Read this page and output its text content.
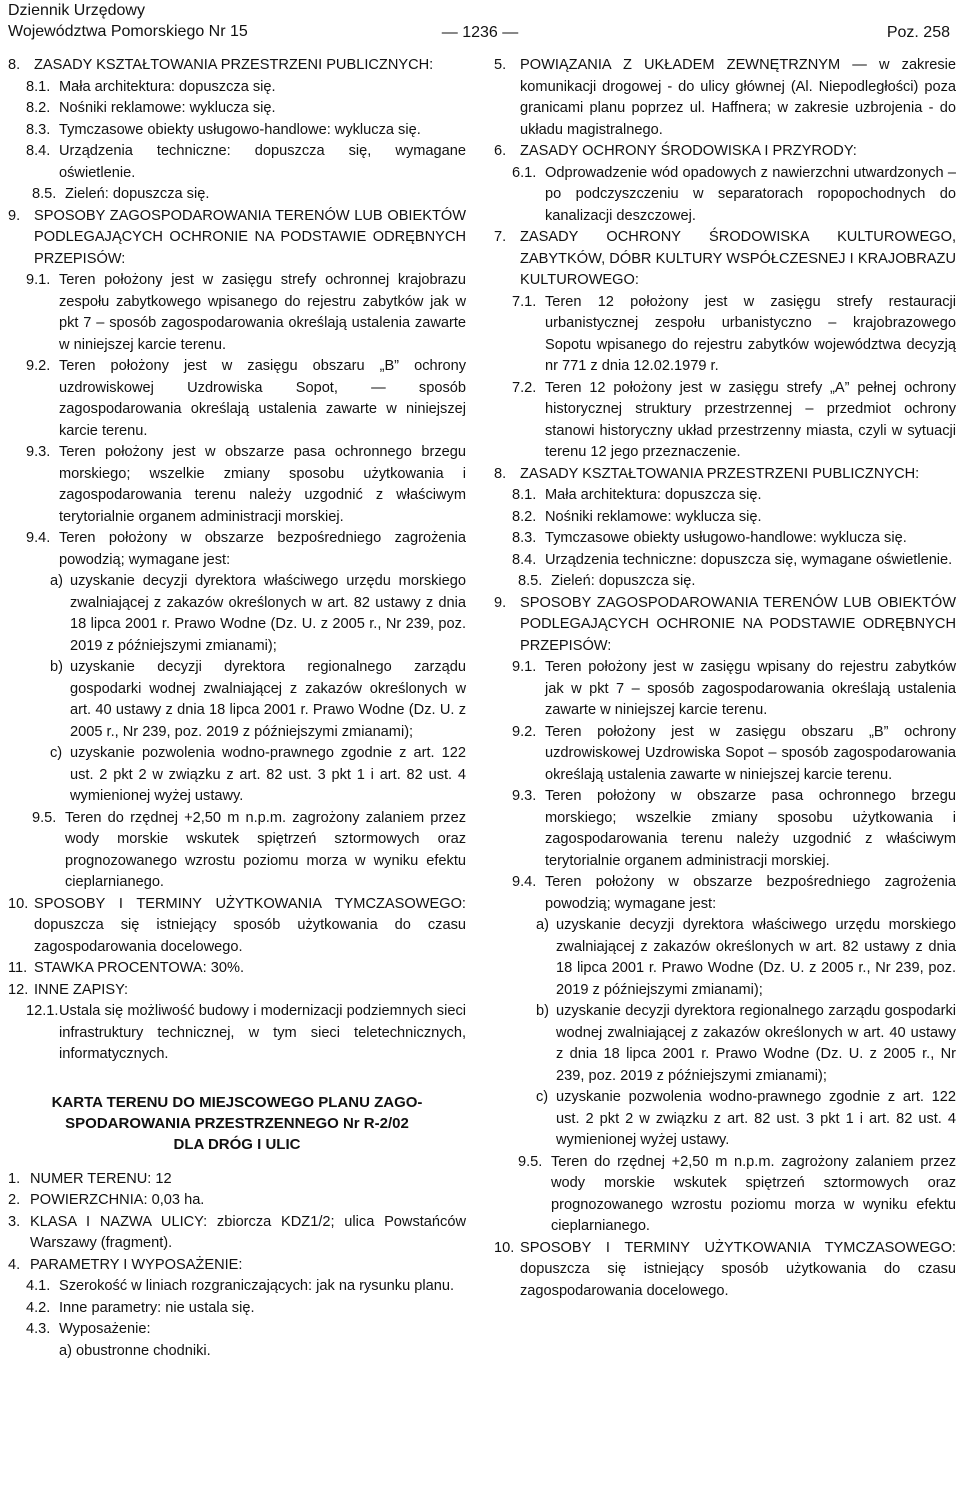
Dziennik Urzędowy
Województwa Pomorskiego Nr 15	— 1236 —	Poz. 258
8. ZASADY KSZTAŁTOWANIA PRZESTRZENI PUBLICZNYCH:
8.1. Mała architektura: dopuszcza się.
8.2. Nośniki reklamowe: wyklucza się.
8.3. Tymczasowe obiekty usługowo-handlowe: wyklucza się.
8.4. Urządzenia techniczne: dopuszcza się, wymagane oświetlenie.
8.5. Zieleń: dopuszcza się.
9. SPOSOBY ZAGOSPODAROWANIA TERENÓW LUB OBIEKTÓW PODLEGAJĄCYCH OCHRONIE NA PODSTAWIE ODRĘBNYCH PRZEPISÓW:
9.1. Teren położony jest w zasięgu strefy ochronnej krajobrazu zespołu zabytkowego wpisanego do rejestru zabytków jak w pkt 7 – sposób zagospodarowania określają ustalenia zawarte w niniejszej karcie terenu.
9.2. Teren położony jest w zasięgu obszaru „B” ochrony uzdrowiskowej Uzdrowiska Sopot, — sposób zagospodarowania określają ustalenia zawarte w niniejszej karcie terenu.
9.3. Teren położony jest w obszarze pasa ochronnego brzegu morskiego; wszelkie zmiany sposobu użytkowania i zagospodarowania terenu należy uzgodnić z właściwym terytorialnie organem administracji morskiej.
9.4. Teren położony w obszarze bezpośredniego zagrożenia powodzią; wymagane jest:
a) uzyskanie decyzji dyrektora właściwego urzędu morskiego zwalniającej z zakazów określonych w art. 82 ustawy z dnia 18 lipca 2001 r. Prawo Wodne (Dz. U. z 2005 r., Nr 239, poz. 2019 z późniejszymi zmianami);
b) uzyskanie decyzji dyrektora regionalnego zarządu gospodarki wodnej zwalniającej z zakazów określonych w art. 40 ustawy z dnia 18 lipca 2001 r. Prawo Wodne (Dz. U. z 2005 r., Nr 239, poz. 2019 z późniejszymi zmianami);
c) uzyskanie pozwolenia wodno-prawnego zgodnie z art. 122 ust. 2 pkt 2 w związku z art. 82 ust. 3 pkt 1 i art. 82 ust. 4 wymienionej wyżej ustawy.
9.5. Teren do rzędnej +2,50 m n.p.m. zagrożony zalaniem przez wody morskie wskutek spiętrzeń sztormowych oraz prognozowanego wzrostu poziomu morza w wyniku efektu cieplarnianego.
10. SPOSOBY I TERMINY UŻYTKOWANIA TYMCZASOWEGO: dopuszcza się istniejący sposób użytkowania do czasu zagospodarowania docelowego.
11. STAWKA PROCENTOWA: 30%.
12. INNE ZAPISY:
12.1. Ustala się możliwość budowy i modernizacji podziemnych sieci infrastruktury technicznej, w tym sieci teletechnicznych, informatycznych.
KARTA TERENU DO MIEJSCOWEGO PLANU ZAGO-
SPODAROWANIA PRZESTRZENNEGO Nr R-2/02
DLA DRÓG I ULIC
1. NUMER TERENU: 12
2. POWIERZCHNIA: 0,03 ha.
3. KLASA I NAZWA ULICY: zbiorcza KDZ1/2; ulica Powstańców Warszawy (fragment).
4. PARAMETRY I WYPOSAŻENIE:
4.1. Szerokość w liniach rozgraniczających: jak na rysunku planu.
4.2. Inne parametry: nie ustala się.
4.3. Wyposażenie:
a) obustronne chodniki.
5. POWIĄZANIA Z UKŁADEM ZEWNĘTRZNYM — w zakresie komunikacji drogowej - do ulicy głównej (Al. Niepodległości) poza granicami planu poprzez ul. Haffnera; w zakresie uzbrojenia - do układu magistralnego.
6. ZASADY OCHRONY ŚRODOWISKA I PRZYRODY:
6.1. Odprowadzenie wód opadowych z nawierzchni utwardzonych – po podczyszczeniu w separatorach ropopochodnych do kanalizacji deszczowej.
7. ZASADY OCHRONY ŚRODOWISKA KULTUROWEGO, ZABYTKÓW, DÓBR KULTURY WSPÓŁCZESNEJ I KRAJOBRAZU KULTUROWEGO:
7.1. Teren 12 położony jest w zasięgu strefy restauracji urbanistycznej zespołu urbanistyczno – krajobrazowego Sopotu wpisanego do rejestru zabytków województwa decyzją nr 771 z dnia 12.02.1979 r.
7.2. Teren 12 położony jest w zasięgu strefy „A” pełnej ochrony historycznej struktury przestrzennej – przedmiot ochrony stanowi historyczny układ przestrzenny miasta, czyli w sytuacji terenu 12 jego przeznaczenie.
8. ZASADY KSZTAŁTOWANIA PRZESTRZENI PUBLICZNYCH:
8.1. Mała architektura: dopuszcza się.
8.2. Nośniki reklamowe: wyklucza się.
8.3. Tymczasowe obiekty usługowo-handlowe: wyklucza się.
8.4. Urządzenia techniczne: dopuszcza się, wymagane oświetlenie.
8.5. Zieleń: dopuszcza się.
9. SPOSOBY ZAGOSPODAROWANIA TERENÓW LUB OBIEKTÓW PODLEGAJĄCYCH OCHRONIE NA PODSTAWIE ODRĘBNYCH PRZEPISÓW:
9.1. Teren położony jest w zasięgu wpisany do rejestru zabytków jak w pkt 7 – sposób zagospodarowania określają ustalenia zawarte w niniejszej karcie terenu.
9.2. Teren położony jest w zasięgu obszaru „B” ochrony uzdrowiskowej Uzdrowiska Sopot – sposób zagospodarowania określają ustalenia zawarte w niniejszej karcie terenu.
9.3. Teren położony w obszarze pasa ochronnego brzegu morskiego; wszelkie zmiany sposobu użytkowania i zagospodarowania terenu należy uzgodnić z właściwym terytorialnie organem administracji morskiej.
9.4. Teren położony w obszarze bezpośredniego zagrożenia powodzią; wymagane jest:
a) uzyskanie decyzji dyrektora właściwego urzędu morskiego zwalniającej z zakazów określonych w art. 82 ustawy z dnia 18 lipca 2001 r. Prawo Wodne (Dz. U. z 2005 r., Nr 239, poz. 2019 z późniejszymi zmianami);
b) uzyskanie decyzji dyrektora regionalnego zarządu gospodarki wodnej zwalniającej z zakazów określonych w art. 40 ustawy z dnia 18 lipca 2001 r. Prawo Wodne (Dz. U. z 2005 r., Nr 239, poz. 2019 z późniejszymi zmianami);
c) uzyskanie pozwolenia wodno-prawnego zgodnie z art. 122 ust. 2 pkt 2 w związku z art. 82 ust. 3 pkt 1 i art. 82 ust. 4 wymienionej wyżej ustawy.
9.5. Teren do rzędnej +2,50 m n.p.m. zagrożony zalaniem przez wody morskie wskutek spiętrzeń sztormowych oraz prognozowanego wzrostu poziomu morza w wyniku efektu cieplarnianego.
10. SPOSOBY I TERMINY UŻYTKOWANIA TYMCZASOWEGO: dopuszcza się istniejący sposób użytkowania do czasu zagospodarowania docelowego.
